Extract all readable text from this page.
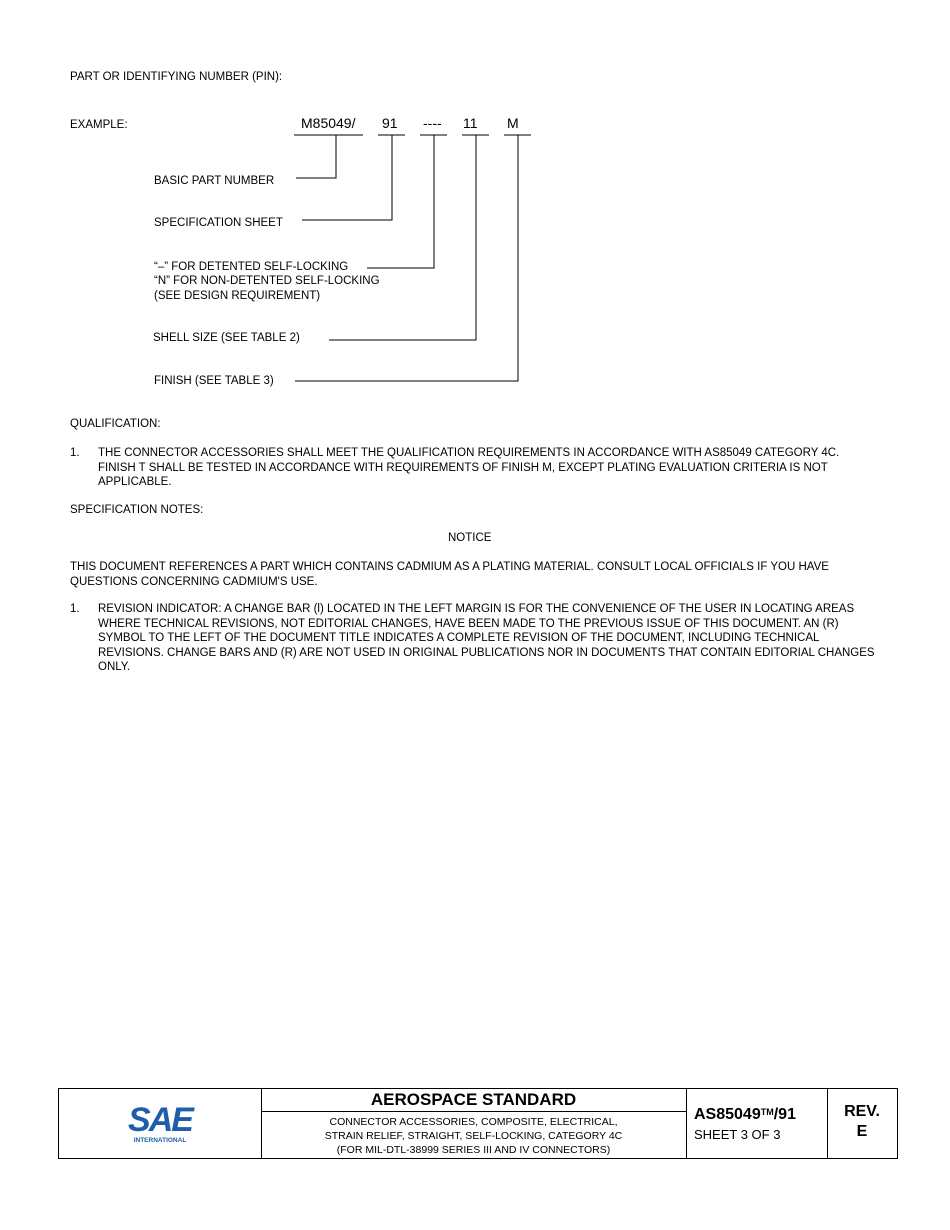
PART OR IDENTIFYING NUMBER (PIN):
EXAMPLE:	M85049/ 91 ---- 11 M
BASIC PART NUMBER
SPECIFICATION SHEET
“–” FOR DETENTED SELF-LOCKING
“N” FOR NON-DETENTED SELF-LOCKING
(SEE DESIGN REQUIREMENT)
SHELL SIZE (SEE TABLE 2)
FINISH (SEE TABLE 3)
QUALIFICATION:
1. THE CONNECTOR ACCESSORIES SHALL MEET THE QUALIFICATION REQUIREMENTS IN ACCORDANCE WITH AS85049 CATEGORY 4C. FINISH T SHALL BE TESTED IN ACCORDANCE WITH REQUIREMENTS OF FINISH M, EXCEPT PLATING EVALUATION CRITERIA IS NOT APPLICABLE.
SPECIFICATION NOTES:
NOTICE
THIS DOCUMENT REFERENCES A PART WHICH CONTAINS CADMIUM AS A PLATING MATERIAL. CONSULT LOCAL OFFICIALS IF YOU HAVE QUESTIONS CONCERNING CADMIUM'S USE.
1. REVISION INDICATOR: A CHANGE BAR (l) LOCATED IN THE LEFT MARGIN IS FOR THE CONVENIENCE OF THE USER IN LOCATING AREAS WHERE TECHNICAL REVISIONS, NOT EDITORIAL CHANGES, HAVE BEEN MADE TO THE PREVIOUS ISSUE OF THIS DOCUMENT. AN (R) SYMBOL TO THE LEFT OF THE DOCUMENT TITLE INDICATES A COMPLETE REVISION OF THE DOCUMENT, INCLUDING TECHNICAL REVISIONS. CHANGE BARS AND (R) ARE NOT USED IN ORIGINAL PUBLICATIONS NOR IN DOCUMENTS THAT CONTAIN EDITORIAL CHANGES ONLY.
SAE
INTERNATIONAL
AEROSPACE STANDARD
CONNECTOR ACCESSORIES, COMPOSITE, ELECTRICAL,
STRAIN RELIEF, STRAIGHT, SELF-LOCKING, CATEGORY 4C
(FOR MIL-DTL-38999 SERIES III AND IV CONNECTORS)
AS85049™/91
SHEET 3 OF 3
REV.
E
